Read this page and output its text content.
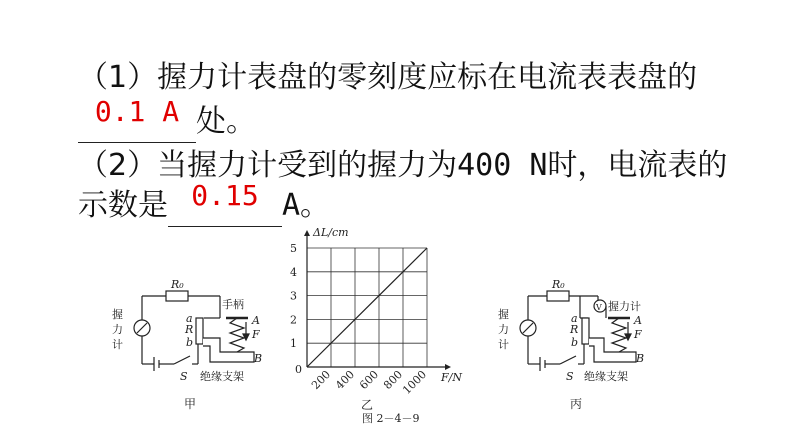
（1）握力计表盘的零刻度应标在电流表表盘的
0.1 A 处。
（2）当握力计受到的握力为400 N时，电流表的
示数是 0.15 A。
握
力
计
R₀
手柄
a
R
b
A
F
B
S 绝缘支架
甲
1
2
3
4
5
200 400 600 800
1000
0
ΔL/cm
F/N
乙
握
力
计
R₀
V 握力计
a
R
b
A
F
B
S 绝缘支架
丙
图 2－4－9
